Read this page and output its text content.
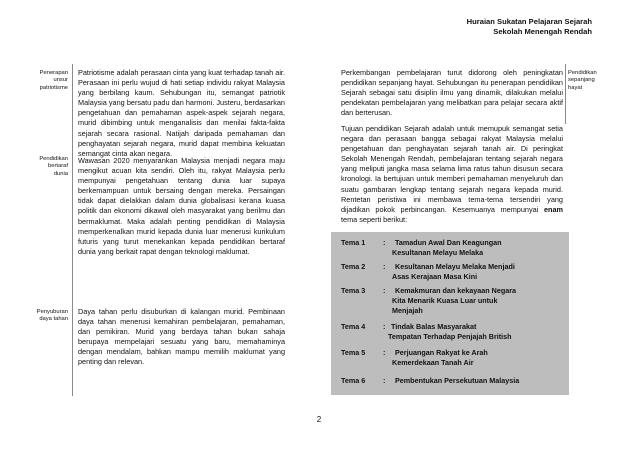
Huraian Sukatan Pelajaran Sejarah
Sekolah Menengah Rendah
Penerapan
unsur
patriotisme

Patriotisme adalah perasaan cinta yang kuat terhadap tanah air. Perasaan ini perlu wujud di hati setiap individu rakyat Malaysia yang berbilang kaum. Sehubungan itu, semangat patriotik Malaysia yang bersatu padu dan harmoni. Justeru, berdasarkan pengetahuan dan pemahaman aspek-aspek sejarah negara, murid dibimbing untuk menganalisis dan menilai fakta-fakta sejarah secara rasional. Natijah daripada pemahaman dan penghayatan sejarah negara, murid dapat membina kekuatan semangat cinta akan negara.

Pendidikan
bertaraf
dunia

Wawasan 2020 menyarankan Malaysia menjadi negara maju mengikut acuan kita sendiri. Oleh itu, rakyat Malaysia perlu mempunyai pengetahuan tentang dunia luar supaya berkemampuan untuk bersaing dengan mereka. Persaingan tidak dapat dielakkan dalam dunia globalisasi kerana kuasa politik dan ekonomi dikawal oleh masyarakat yang berilmu dan bermaklumat. Maka adalah penting pendidikan di Malaysia memperkenalkan murid kepada dunia luar menerusi kurikulum futuris yang turut menekankan kepada pendidikan bertaraf dunia yang berkait rapat dengan teknologi maklumat.

Penyuburan
daya tahan

Daya tahan perlu disuburkan di kalangan murid. Pembinaan daya tahan menerusi kemahiran pembelajaran, pemahaman, dan pemikiran. Murid yang berdaya tahan bukan sahaja berupaya mempelajari sesuatu yang baru, memahaminya dengan mendalam, bahkan mampu memilih maklumat yang penting dan relevan.

Pendidikan
sepanjang
hayat

Perkembangan pembelajaran turut didorong oleh peningkatan pendidikan sepanjang hayat. Sehubungan itu penerapan pendidikan Sejarah sebagai satu disiplin ilmu yang dinamik, dilakukan melalui pendekatan pembelajaran yang melibatkan para pelajar secara aktif dan berterusan.

Tujuan pendidikan Sejarah adalah untuk memupuk semangat setia negara dan perasaan bangga sebagai rakyat Malaysia melalui pengetahuan dan penghayatan sejarah tanah air. Di peringkat Sekolah Menengah Rendah, pembelajaran tentang sejarah negara yang meliputi jangka masa selama lima ratus tahun disusun secara kronologi. Ia bertujuan untuk memberi pemahaman menyeluruh dan suatu gambaran lengkap tentang sejarah negara kepada murid. Rentetan peristiwa ini membawa tema-tema tersendiri yang dijadikan pokok perbincangan. Kesemuanya mempunyai enam tema seperti berikut:

Tema 1 : Tamadun Awal Dan Keagungan
Kesultanan Melayu Melaka
Tema 2 : Kesultanan Melayu Melaka Menjadi
Asas Kerajaan Masa Kini
Tema 3 : Kemakmuran dan kekayaan Negara
Kita Menarik Kuasa Luar untuk
Menjajah
Tema 4 : Tindak Balas Masyarakat
Tempatan Terhadap Penjajah British
Tema 5 : Perjuangan Rakyat ke Arah
Kemerdekaan Tanah Air
Tema 6 : Pembentukan Persekutuan Malaysia
2
